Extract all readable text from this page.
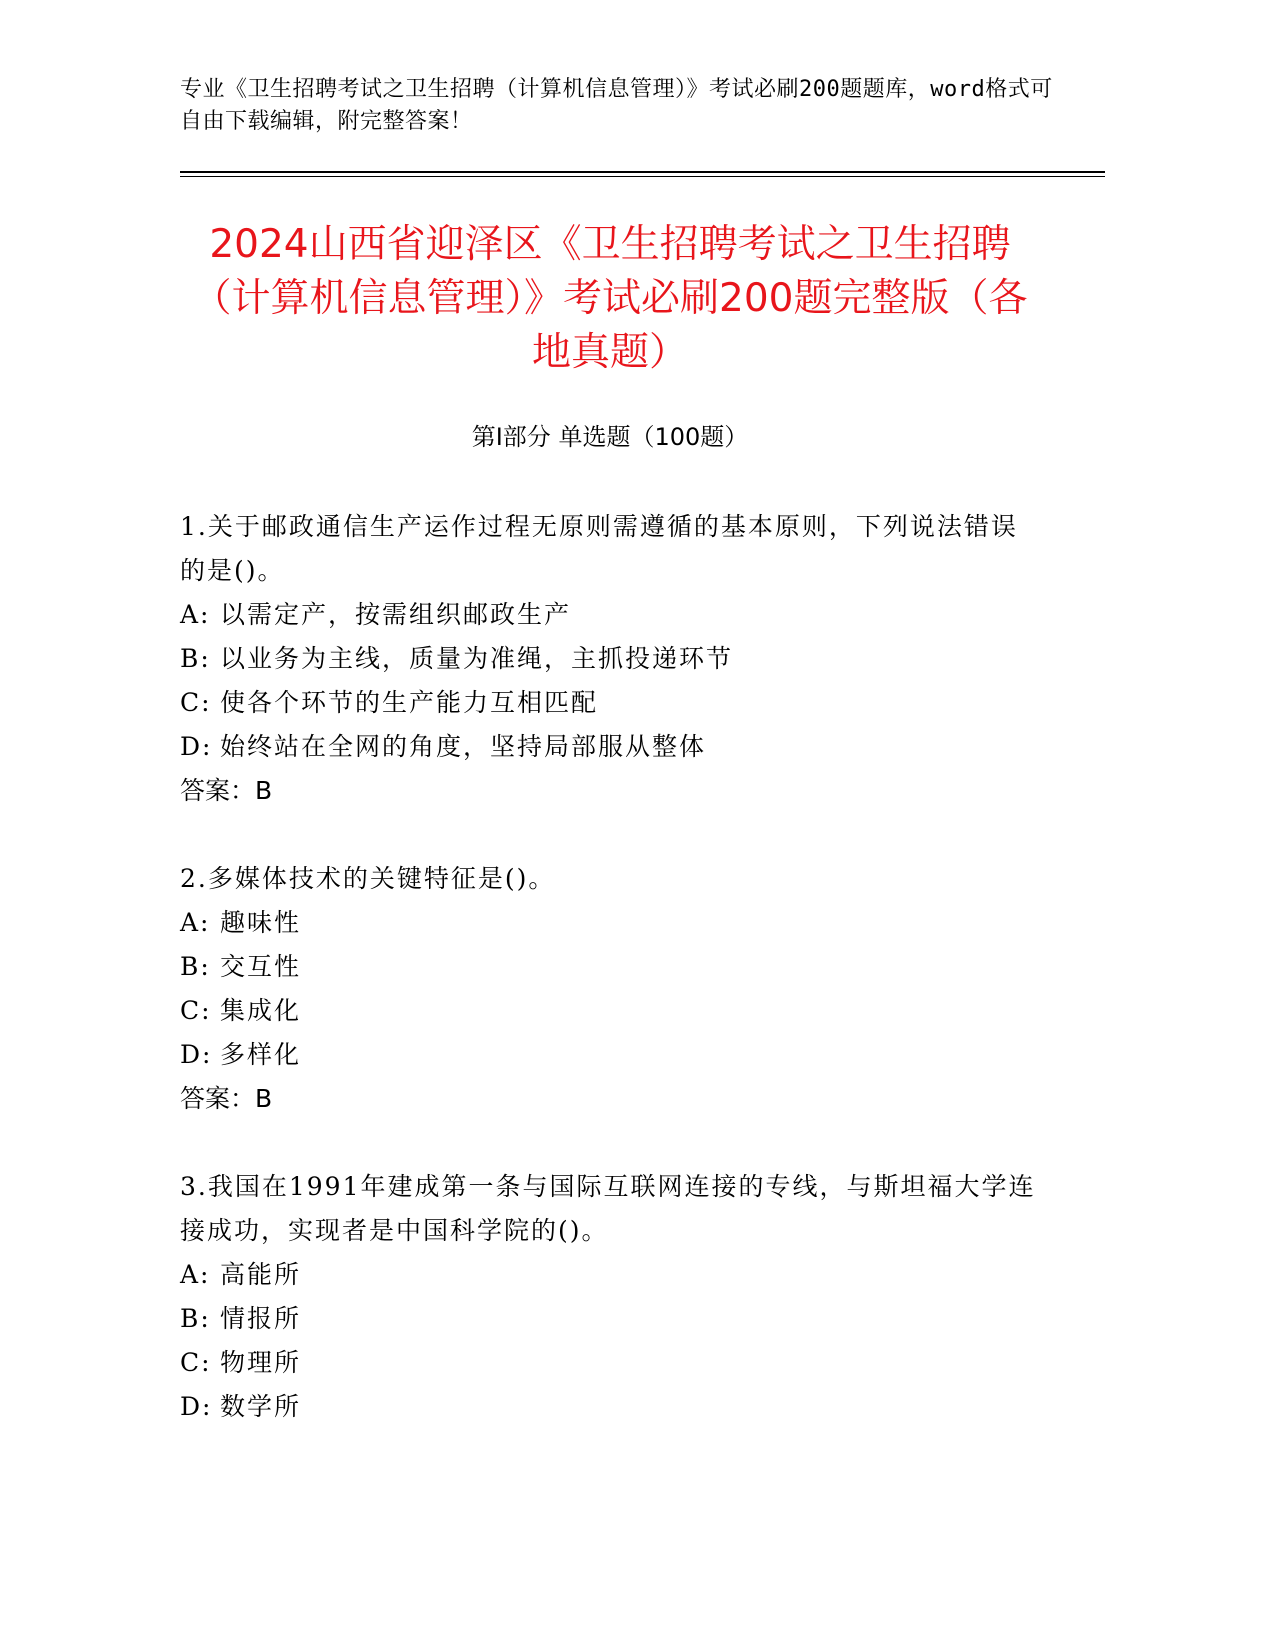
专业《卫生招聘考试之卫生招聘（计算机信息管理）》考试必刷200题题库，word格式可自由下载编辑，附完整答案！
2024山西省迎泽区《卫生招聘考试之卫生招聘（计算机信息管理）》考试必刷200题完整版（各地真题）
第Ⅰ部分 单选题（100题）
1.关于邮政通信生产运作过程无原则需遵循的基本原则，下列说法错误的是()。
A: 以需定产，按需组织邮政生产
B: 以业务为主线，质量为准绳，主抓投递环节
C: 使各个环节的生产能力互相匹配
D: 始终站在全网的角度，坚持局部服从整体
答案：B
2.多媒体技术的关键特征是()。
A: 趣味性
B: 交互性
C: 集成化
D: 多样化
答案：B
3.我国在1991年建成第一条与国际互联网连接的专线，与斯坦福大学连接成功，实现者是中国科学院的()。
A: 高能所
B: 情报所
C: 物理所
D: 数学所
